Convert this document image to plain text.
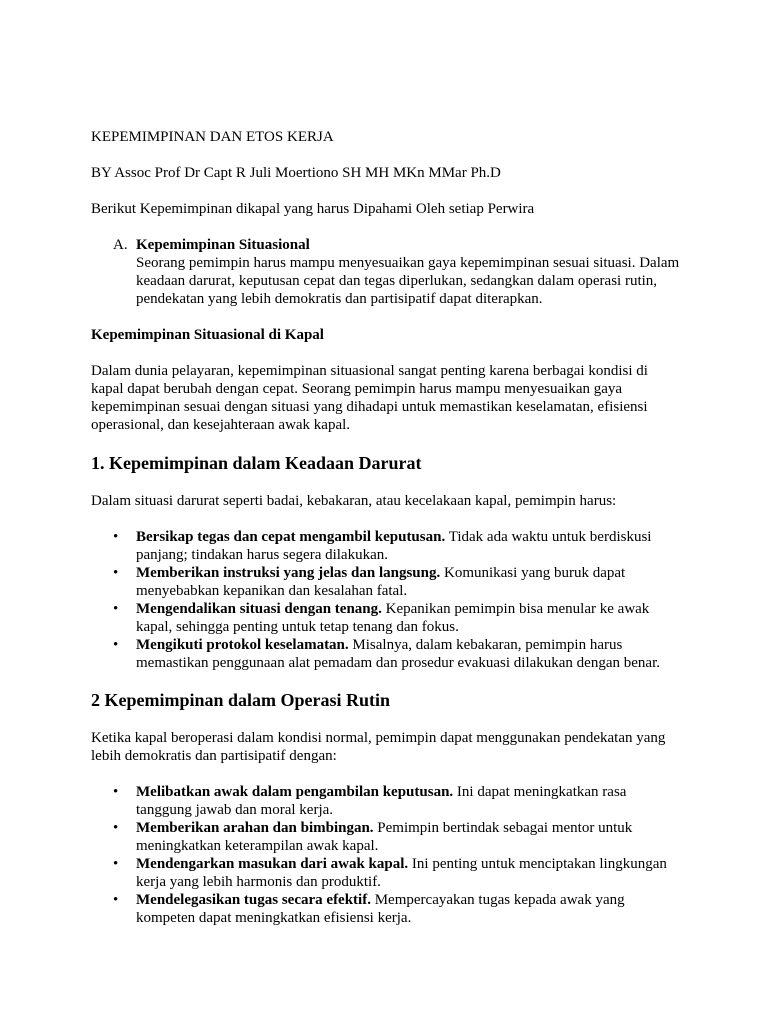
KEPEMIMPINAN DAN ETOS KERJA

BY Assoc Prof Dr Capt R Juli Moertiono SH MH MKn MMar Ph.D

Berikut Kepemimpinan dikapal yang harus Dipahami Oleh setiap Perwira

A. Kepemimpinan Situasional

Seorang pemimpin harus mampu menyesuaikan gaya kepemimpinan sesuai situasi. Dalam keadaan darurat, keputusan cepat dan tegas diperlukan, sedangkan dalam operasi rutin, pendekatan yang lebih demokratis dan partisipatif dapat diterapkan.

Kepemimpinan Situasional di Kapal

Dalam dunia pelayaran, kepemimpinan situasional sangat penting karena berbagai kondisi di kapal dapat berubah dengan cepat. Seorang pemimpin harus mampu menyesuaikan gaya kepemimpinan sesuai dengan situasi yang dihadapi untuk memastikan keselamatan, efisiensi operasional, dan kesejahteraan awak kapal.

1. Kepemimpinan dalam Keadaan Darurat

Dalam situasi darurat seperti badai, kebakaran, atau kecelakaan kapal, pemimpin harus:

• Bersikap tegas dan cepat mengambil keputusan. Tidak ada waktu untuk berdiskusi panjang; tindakan harus segera dilakukan.
• Memberikan instruksi yang jelas dan langsung. Komunikasi yang buruk dapat menyebabkan kepanikan dan kesalahan fatal.
• Mengendalikan situasi dengan tenang. Kepanikan pemimpin bisa menular ke awak kapal, sehingga penting untuk tetap tenang dan fokus.
• Mengikuti protokol keselamatan. Misalnya, dalam kebakaran, pemimpin harus memastikan penggunaan alat pemadam dan prosedur evakuasi dilakukan dengan benar.
2 Kepemimpinan dalam Operasi Rutin

Ketika kapal beroperasi dalam kondisi normal, pemimpin dapat menggunakan pendekatan yang lebih demokratis dan partisipatif dengan:

• Melibatkan awak dalam pengambilan keputusan. Ini dapat meningkatkan rasa tanggung jawab dan moral kerja.
• Memberikan arahan dan bimbingan. Pemimpin bertindak sebagai mentor untuk meningkatkan keterampilan awak kapal.
• Mendengarkan masukan dari awak kapal. Ini penting untuk menciptakan lingkungan kerja yang lebih harmonis dan produktif.
• Mendelegasikan tugas secara efektif. Mempercayakan tugas kepada awak yang kompeten dapat meningkatkan efisiensi kerja.
